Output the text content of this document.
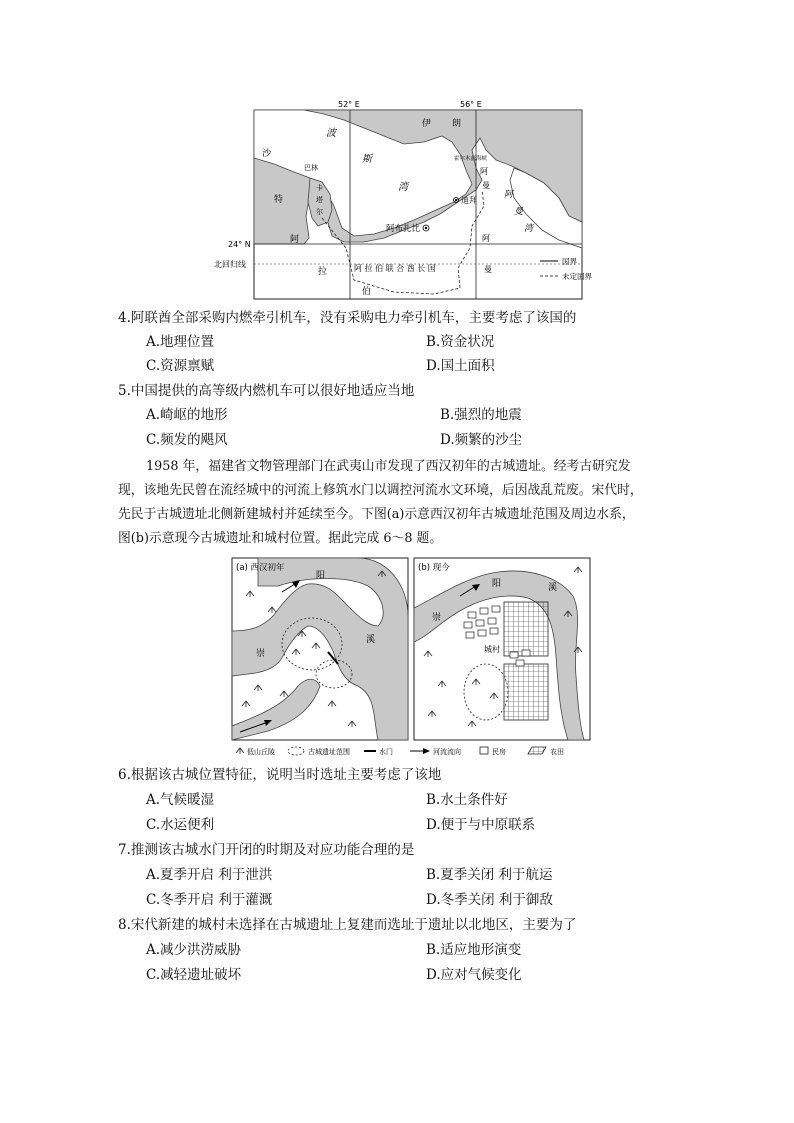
52° E	56° E
24° N
北回归线
伊 朗
波
斯
湾
沙
特
阿
拉
伯
巴林
卡
塔
尔
霍尔木兹海峡
阿
曼
阿
曼
湾
迪拜
阿布扎比
阿 拉 伯 联 合 酋 长 国
阿
曼
国界
未定国界
4.阿联酋全部采购内燃牵引机车，没有采购电力牵引机车，主要考虑了该国的
A.地理位置	B.资金状况
C.资源禀赋	D.国土面积
5.中国提供的高等级内燃机车可以很好地适应当地
A.崎岖的地形	B.强烈的地震
C.频发的飓风	D.频繁的沙尘
1958 年，福建省文物管理部门在武夷山市发现了西汉初年的古城遗址。经考古研究发
现，该地先民曾在流经城中的河流上修筑水门以调控河流水文环境，后因战乱荒废。宋代时，
先民于古城遗址北侧新建城村并延续至今。下图(a)示意西汉初年古城遗址范围及周边水系，
图(b)示意现今古城遗址和城村位置。据此完成 6～8 题。
(a) 西汉初年
崇
阳
溪
城村
(b) 现今
崇
阳	溪
低山丘陵	古城遗址范围	水门	河流流向	民房	农田
6.根据该古城位置特征，说明当时选址主要考虑了该地
A.气候暖湿	B.水土条件好
C.水运便利	D.便于与中原联系
7.推测该古城水门开闭的时期及对应功能合理的是
A.夏季开启 利于泄洪	B.夏季关闭 利于航运
C.冬季开启 利于灌溉	D.冬季关闭 利于御敌
8.宋代新建的城村未选择在古城遗址上复建而选址于遗址以北地区，主要为了
A.减少洪涝威胁	B.适应地形演变
C.减轻遗址破坏	D.应对气候变化
